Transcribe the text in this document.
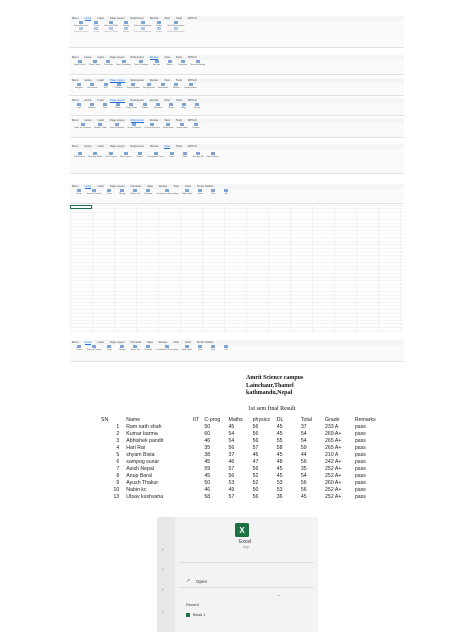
Menu Home Insert Page Layout References Review View Tools WPS AI
Format Painter Paste Normal (Web) Strong Find and Replace Select Word Numeration
Format Painter Paste Normal (Web) Strong Find and Replace Select Word Numeration
Menu Home Insert Page Layout References Review View Tools WPS AI
Spell Check Word Count Translate New Comment Track Changes Accept	Reject Compare Restrict Editing
Menu Home Insert Page Layout References Review View Tools WPS AI
Margins Orientation	Size	Columns Page Borders Background Watermark Breaks Hyphenation
Menu Home Insert Page Layout References Review View Tools WPS AI
Top	Bottom	Left	Right Page Color Indent	Spacing	Wrap	Align	Group
Menu Home Insert Page Layout References Review View Tools WPS AI
Table of Contents Update Table Insert Footnote Insert Caption Cross-reference Mark Entry Insert Index Citation
Menu Home Insert Page Layout References Review View Tools WPS AI
Full Screen Reading Mode Print Layout Web Layout Outline Navigation Pane Zoom	100% Arrange All Split Window
Menu Home Insert Page Layout Formulas Data Review View Tools Smart Toolbox
Paste Format Painter	Font	Merge Wrap Text Number Conditional Formatting Table Style	Sum	Sort	Fill
Menu Home Insert Page Layout Formulas Data Review View Tools Smart Toolbox
Paste Format Painter	Font	Merge Wrap Text Number Conditional Formatting Table Style	Sum	Sort	Fill
Amrit Science campus
Lainchaur,Thamel
kathmandu,Nepal
1st sem final Result
SN.	Name	IIT	C-prog	Maths	physics	DL	Total	Grade	Remarks
1	Ram nath shah		50	45	56	45	37	233 A	pass
2	Kumar barma		60	54	56	45	54	269 A+	pass
3	Abhishek pandit		46	54	56	55	54	265 A+	pass
4	Hari Rai		35	56	57	58	59	265 A+	pass
5	shyam Bista		38	37	46	45	44	210 A	pass
6	sampog sunar		45	46	47	48	56	242 A+	pass
7	Asish Nepal		59	57	56	45	35	252 A+	pass
8	Anup Baral		45	56	52	45	54	252 A+	pass
9	Ayush Thakur		50	53	52	53	56	260 A+	pass
10	Nabin kc		46	49	50	53	56	252 A+	pass
13	Utsav kushvaha		58	57	56	36	45	252 A+	pass
›
›
›
›
X
Excel
App
↗ Open
⌄
Recent
Book 1
